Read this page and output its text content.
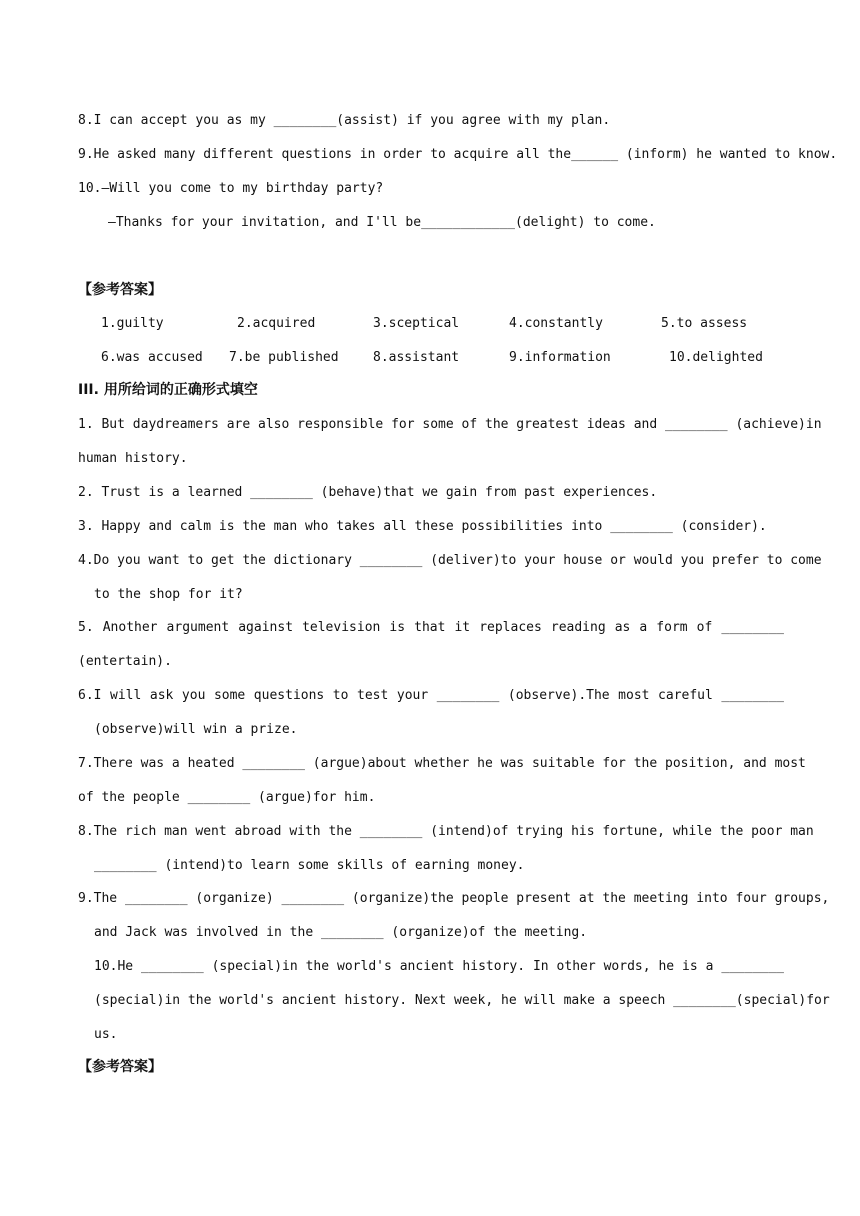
8.I can accept you as my ________(assist) if you agree with my plan.
9.He asked many different questions in order to acquire all the______ (inform) he wanted to know.
10.—Will you come to my birthday party?
—Thanks for your invitation, and I'll be____________(delight) to come.
【参考答案】
1.guilty	2.acquired	3.sceptical	4.constantly	5.to assess
6.was accused 7.be published	8.assistant	9.information	10.delighted
III. 用所给词的正确形式填空
1. But daydreamers are also responsible for some of the greatest ideas and ________ (achieve)in
human history.
2. Trust is a learned ________ (behave)that we gain from past experiences.
3. Happy and calm is the man who takes all these possibilities into ________ (consider).
4.Do you want to get the dictionary ________ (deliver)to your house or would you prefer to come
to the shop for it?
5. Another argument against television is that it replaces reading as a form of ________
(entertain).
6.I will ask you some questions to test your ________ (observe).The most careful ________
(observe)will win a prize.
7.There was a heated ________ (argue)about whether he was suitable for the position, and most
of the people ________ (argue)for him.
8.The rich man went abroad with the ________ (intend)of trying his fortune, while the poor man
________ (intend)to learn some skills of earning money.
9.The ________ (organize) ________ (organize)the people present at the meeting into four groups,
and Jack was involved in the ________ (organize)of the meeting.
10.He ________ (special)in the world's ancient history. In other words, he is a ________
(special)in the world's ancient history. Next week, he will make a speech ________(special)for
us.
【参考答案】
